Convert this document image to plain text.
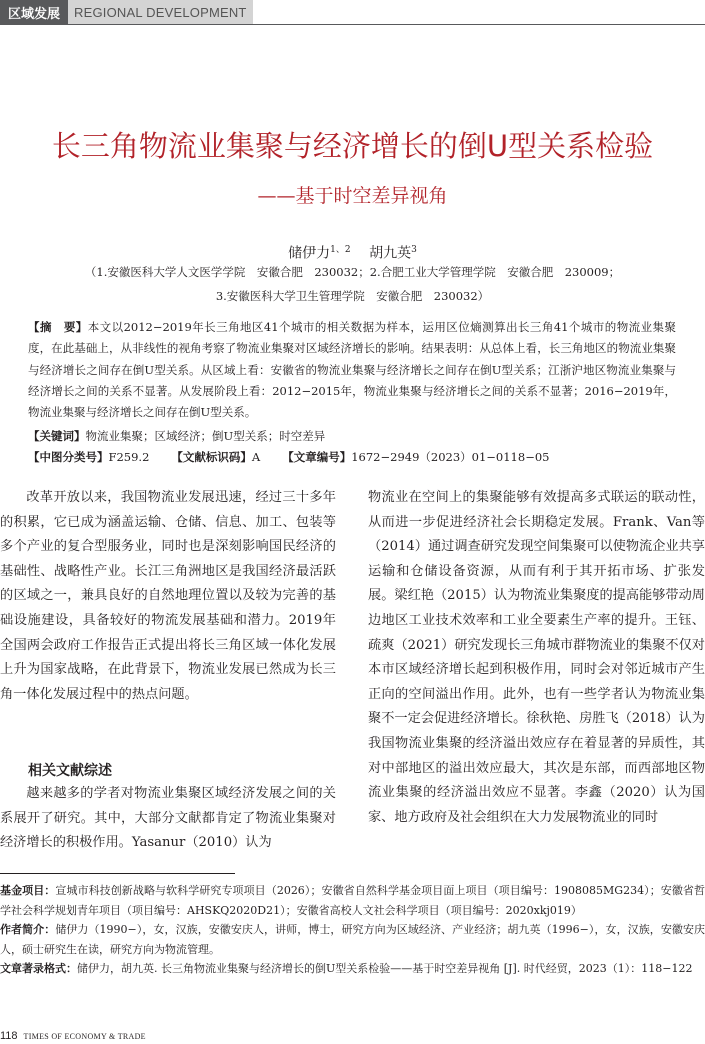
区域发展	REGIONAL DEVELOPMENT
长三角物流业集聚与经济增长的倒U型关系检验
——基于时空差异视角
储伊力$^{1、2}$　 胡九英$^3$
（1.安徽医科大学人文医学学院　安徽合肥　230032；2.合肥工业大学管理学院　安徽合肥　230009；
3.安徽医科大学卫生管理学院　安徽合肥　230032）
【摘　要】本文以2012−2019年长三角地区41个城市的相关数据为样本，运用区位熵测算出长三角41个城市的物流业集聚度，在此基础上，从非线性的视角考察了物流业集聚对区域经济增长的影响。结果表明：从总体上看，长三角地区的物流业集聚与经济增长之间存在倒U型关系。从区域上看：安徽省的物流业集聚与经济增长之间存在倒U型关系；江浙沪地区物流业集聚与经济增长之间的关系不显著。从发展阶段上看：2012−2015年，物流业集聚与经济增长之间的关系不显著；2016−2019年，物流业集聚与经济增长之间存在倒U型关系。
【关键词】物流业集聚；区域经济；倒U型关系；时空差异
【中图分类号】F259.2 【文献标识码】A 【文章编号】1672−2949（2023）01−0118−05

改革开放以来，我国物流业发展迅速，经过三十多年的积累，它已成为涵盖运输、仓储、信息、加工、包装等多个产业的复合型服务业，同时也是深刻影响国民经济的基础性、战略性产业。长江三角洲地区是我国经济最活跃的区域之一，兼具良好的自然地理位置以及较为完善的基础设施建设，具备较好的物流发展基础和潜力。2019年全国两会政府工作报告正式提出将长三角区域一体化发展上升为国家战略，在此背景下，物流业发展已然成为长三角一体化发展过程中的热点问题。

相关文献综述

越来越多的学者对物流业集聚区域经济发展之间的关系展开了研究。其中，大部分文献都肯定了物流业集聚对经济增长的积极作用。Yasanur（2010）认为

物流业在空间上的集聚能够有效提高多式联运的联动性，从而进一步促进经济社会长期稳定发展。Frank、Van等（2014）通过调查研究发现空间集聚可以使物流企业共享运输和仓储设备资源，从而有利于其开拓市场、扩张发展。梁红艳（2015）认为物流业集聚度的提高能够带动周边地区工业技术效率和工业全要素生产率的提升。王钰、疏爽（2021）研究发现长三角城市群物流业的集聚不仅对本市区域经济增长起到积极作用，同时会对邻近城市产生正向的空间溢出作用。此外，也有一些学者认为物流业集聚不一定会促进经济增长。徐秋艳、房胜飞（2018）认为我国物流业集聚的经济溢出效应存在着显著的异质性，其对中部地区的溢出效应最大，其次是东部，而西部地区物流业集聚的经济溢出效应不显著。李鑫（2020）认为国家、地方政府及社会组织在大力发展物流业的同时

基金项目：宣城市科技创新战略与软科学研究专项项目（2026）；安徽省自然科学基金项目面上项目（项目编号：1908085MG234）；安徽省哲学社会科学规划青年项目（项目编号：AHSKQ2020D21）；安徽省高校人文社会科学项目（项目编号：2020xkj019）

作者简介：储伊力（1990−），女，汉族，安徽安庆人，讲师，博士，研究方向为区域经济、产业经济；胡九英（1996−），女，汉族，安徽安庆人，硕士研究生在读，研究方向为物流管理。

文章著录格式：储伊力，胡九英. 长三角物流业集聚与经济增长的倒U型关系检验——基于时空差异视角 [J]. 时代经贸，2023（1）：118−122

118 TIMES OF ECONOMY & TRADE
